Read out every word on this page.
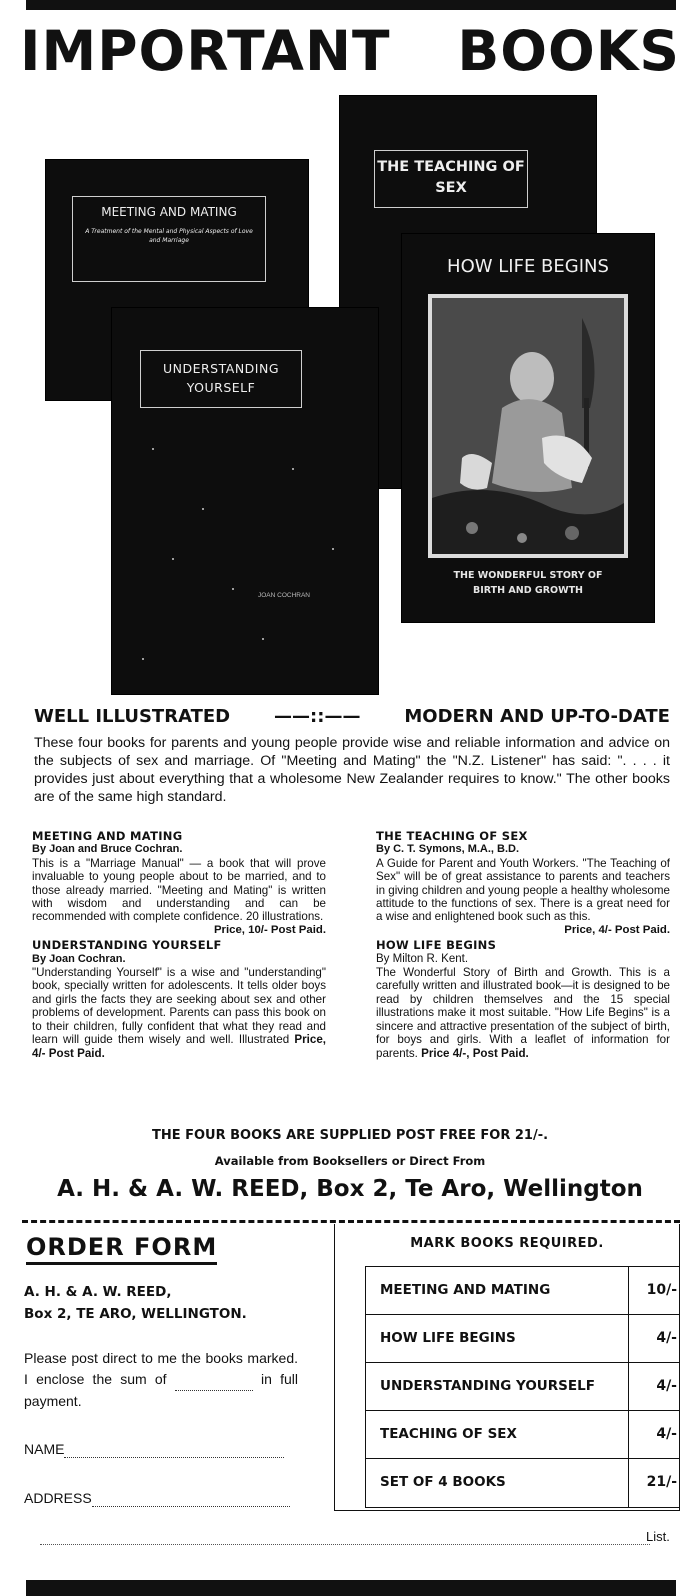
IMPORTANT BOOKS
THE TEACHING OF SEX
MEETING AND MATING
A Treatment of the Mental and Physical Aspects of Love and Marriage
UNDERSTANDING YOURSELF
JOAN COCHRAN
HOW LIFE BEGINS
THE WONDERFUL STORY OF BIRTH AND GROWTH
WELL ILLUSTRATED ——::—— MODERN AND UP-TO-DATE
These four books for parents and young people provide wise and reliable information and advice on the subjects of sex and marriage. Of "Meeting and Mating" the "N.Z. Listener" has said: ". . . . it provides just about everything that a wholesome New Zealander requires to know." The other books are of the same high standard.
MEETING AND MATING
By Joan and Bruce Cochran.

This is a "Marriage Manual" — a book that will prove invaluable to young people about to be married, and to those already married. "Meeting and Mating" is written with wisdom and understanding and can be recommended with complete confidence. 20 illustrations.

Price, 10/- Post Paid.
UNDERSTANDING YOURSELF
By Joan Cochran.

"Understanding Yourself" is a wise and "understanding" book, specially written for adolescents. It tells older boys and girls the facts they are seeking about sex and other problems of development. Parents can pass this book on to their children, fully confident that what they read and learn will guide them wisely and well. Illustrated Price, 4/- Post Paid.

THE TEACHING OF SEX
By C. T. Symons, M.A., B.D.

A Guide for Parent and Youth Workers. "The Teaching of Sex" will be of great assistance to parents and teachers in giving children and young people a healthy wholesome attitude to the functions of sex. There is a great need for a wise and enlightened book such as this.

Price, 4/- Post Paid.
HOW LIFE BEGINS
By Milton R. Kent.

The Wonderful Story of Birth and Growth. This is a carefully written and illustrated book—it is designed to be read by children themselves and the 15 special illustrations make it most suitable. "How Life Begins" is a sincere and attractive presentation of the subject of birth, for boys and girls. With a leaflet of information for parents. Price 4/-, Post Paid.

THE FOUR BOOKS ARE SUPPLIED POST FREE FOR 21/-.
Available from Booksellers or Direct From
A. H. & A. W. REED, Box 2, Te Aro, Wellington
ORDER FORM
A. H. & A. W. REED,
Box 2, TE ARO, WELLINGTON.
Please post direct to me the books marked. I enclose the sum of	in full payment.
NAME
ADDRESS
MARK BOOKS REQUIRED.
MEETING AND MATING	10/-
HOW LIFE BEGINS	4/-
UNDERSTANDING YOURSELF	4/-
TEACHING OF SEX	4/-
SET OF 4 BOOKS	21/-
List.
